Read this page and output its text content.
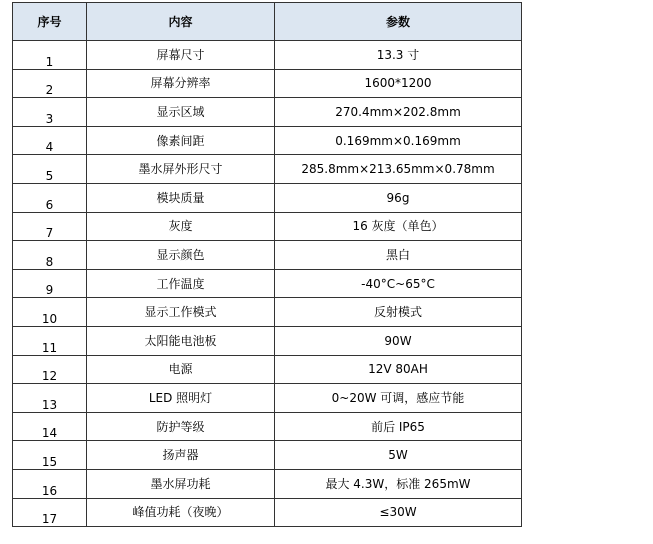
序号	内容	参数
1	屏幕尺寸	13.3 寸
2	屏幕分辨率	1600*1200
3	显示区域	270.4mm×202.8mm
4	像素间距	0.169mm×0.169mm
5	墨水屏外形尺寸	285.8mm×213.65mm×0.78mm
6	模块质量	96g
7	灰度	16 灰度（单色）
8	显示颜色	黑白
9	工作温度	-40°C~65°C
10	显示工作模式	反射模式
11	太阳能电池板	90W
12	电源	12V 80AH
13	LED 照明灯	0~20W 可调，感应节能
14	防护等级	前后 IP65
15	扬声器	5W
16	墨水屏功耗	最大 4.3W，标准 265mW
17	峰值功耗（夜晚）	≤30W
